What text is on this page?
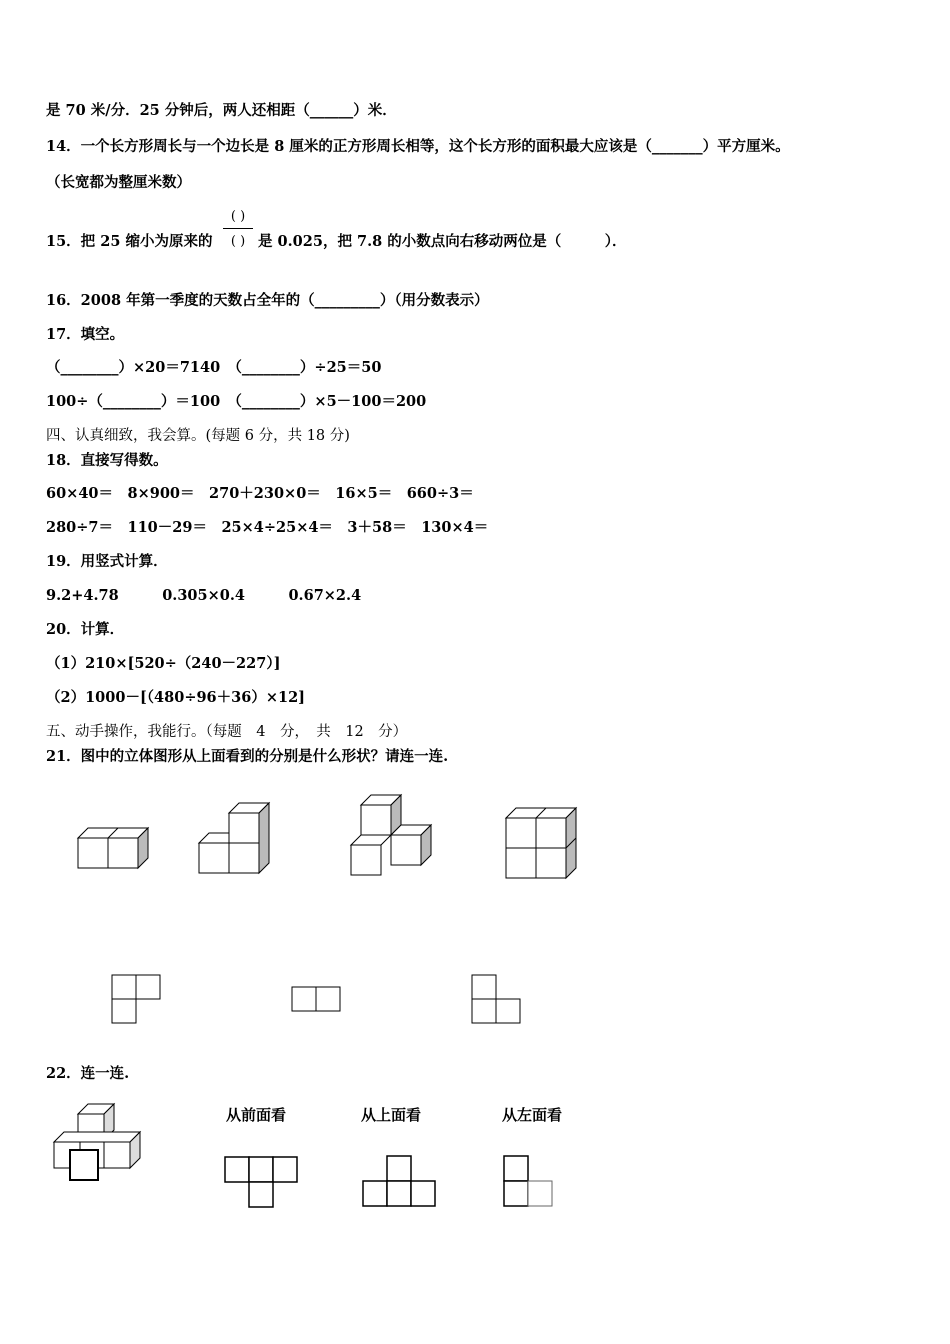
是 70 米/分．25 分钟后，两人还相距（______）米．
14．一个长方形周长与一个边长是 8 厘米的正方形周长相等，这个长方形的面积最大应该是（_______）平方厘米。
（长宽都为整厘米数）
15．把 25 缩小为原来的
( )
( ) 是 0.025，把 7.8 的小数点向右移动两位是（　　　）．
16．2008 年第一季度的天数占全年的（_________）（用分数表示）
17．填空。
（________）×20＝7140　（________）÷25＝50
100÷（________）＝100　（________）×5－100＝200
四、认真细致，我会算。(每题 6 分，共 18 分)
18．直接写得数。
60×40＝　8×900＝　270＋230×0＝　16×5＝　660÷3＝
280÷7＝　110－29＝　25×4÷25×4＝　3＋58＝　130×4＝
19．用竖式计算．
9.2+4.78　　　0.305×0.4　　　0.67×2.4
20．计算．
（1）210×[520÷（240－227）]
（2）1000－[（480÷96＋36）×12]
五、动手操作，我能行。（每题　4　分，　共　12　分）
21．图中的立体图形从上面看到的分别是什么形状？请连一连.
22．连一连.
从前面看	从上面看	从左面看
